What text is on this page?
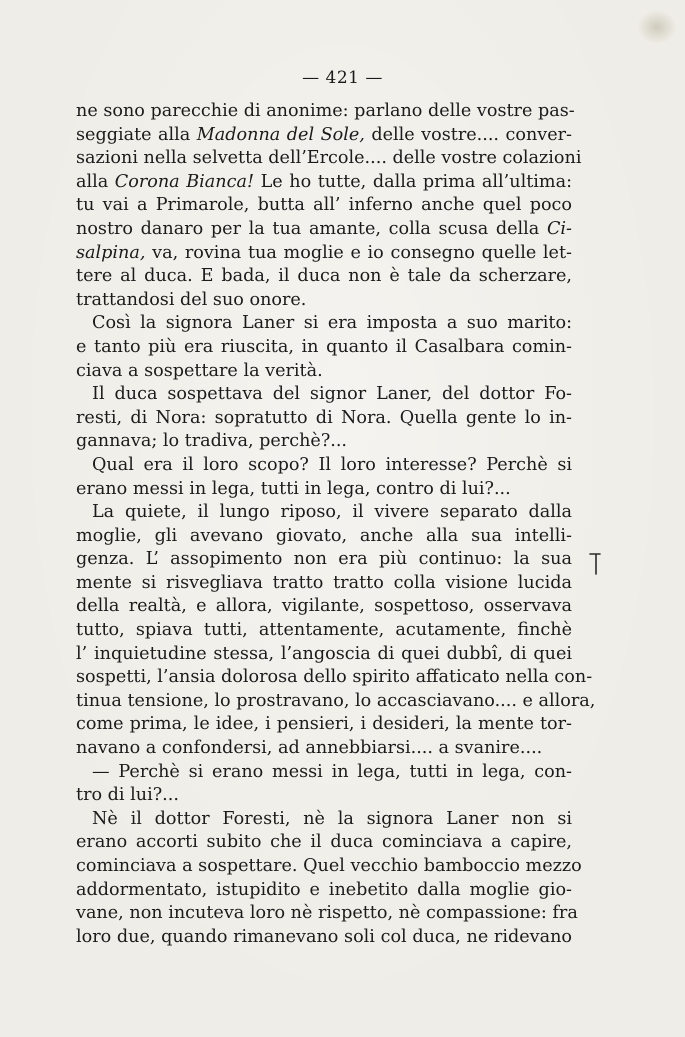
— 421 —
ne sono parecchie di anonime: parlano delle vostre pas-
seggiate alla Madonna del Sole, delle vostre.... conver-
sazioni nella selvetta dell’Ercole.... delle vostre colazioni
alla Corona Bianca! Le ho tutte, dalla prima all’ultima:
tu vai a Primarole, butta all’ inferno anche quel poco
nostro danaro per la tua amante, colla scusa della Ci-
salpina, va, rovina tua moglie e io consegno quelle let-
tere al duca. E bada, il duca non è tale da scherzare,
trattandosi del suo onore.
Così la signora Laner si era imposta a suo marito:
e tanto più era riuscita, in quanto il Casalbara comin-
ciava a sospettare la verità.
Il duca sospettava del signor Laner, del dottor Fo-
resti, di Nora: sopratutto di Nora. Quella gente lo in-
gannava; lo tradiva, perchè?...
Qual era il loro scopo? Il loro interesse? Perchè si
erano messi in lega, tutti in lega, contro di lui?...
La quiete, il lungo riposo, il vivere separato dalla
moglie, gli avevano giovato, anche alla sua intelli-
genza. L’ assopimento non era più continuo: la sua
mente si risvegliava tratto tratto colla visione lucida
della realtà, e allora, vigilante, sospettoso, osservava
tutto, spiava tutti, attentamente, acutamente, finchè
l’ inquietudine stessa, l’angoscia di quei dubbî, di quei
sospetti, l’ansia dolorosa dello spirito affaticato nella con-
tinua tensione, lo prostravano, lo accasciavano.... e allora,
come prima, le idee, i pensieri, i desideri, la mente tor-
navano a confondersi, ad annebbiarsi.... a svanire....
— Perchè si erano messi in lega, tutti in lega, con-
tro di lui?...
Nè il dottor Foresti, nè la signora Laner non si
erano accorti subito che il duca cominciava a capire,
cominciava a sospettare. Quel vecchio bamboccio mezzo
addormentato, istupidito e inebetito dalla moglie gio-
vane, non incuteva loro nè rispetto, nè compassione: fra
loro due, quando rimanevano soli col duca, ne ridevano
